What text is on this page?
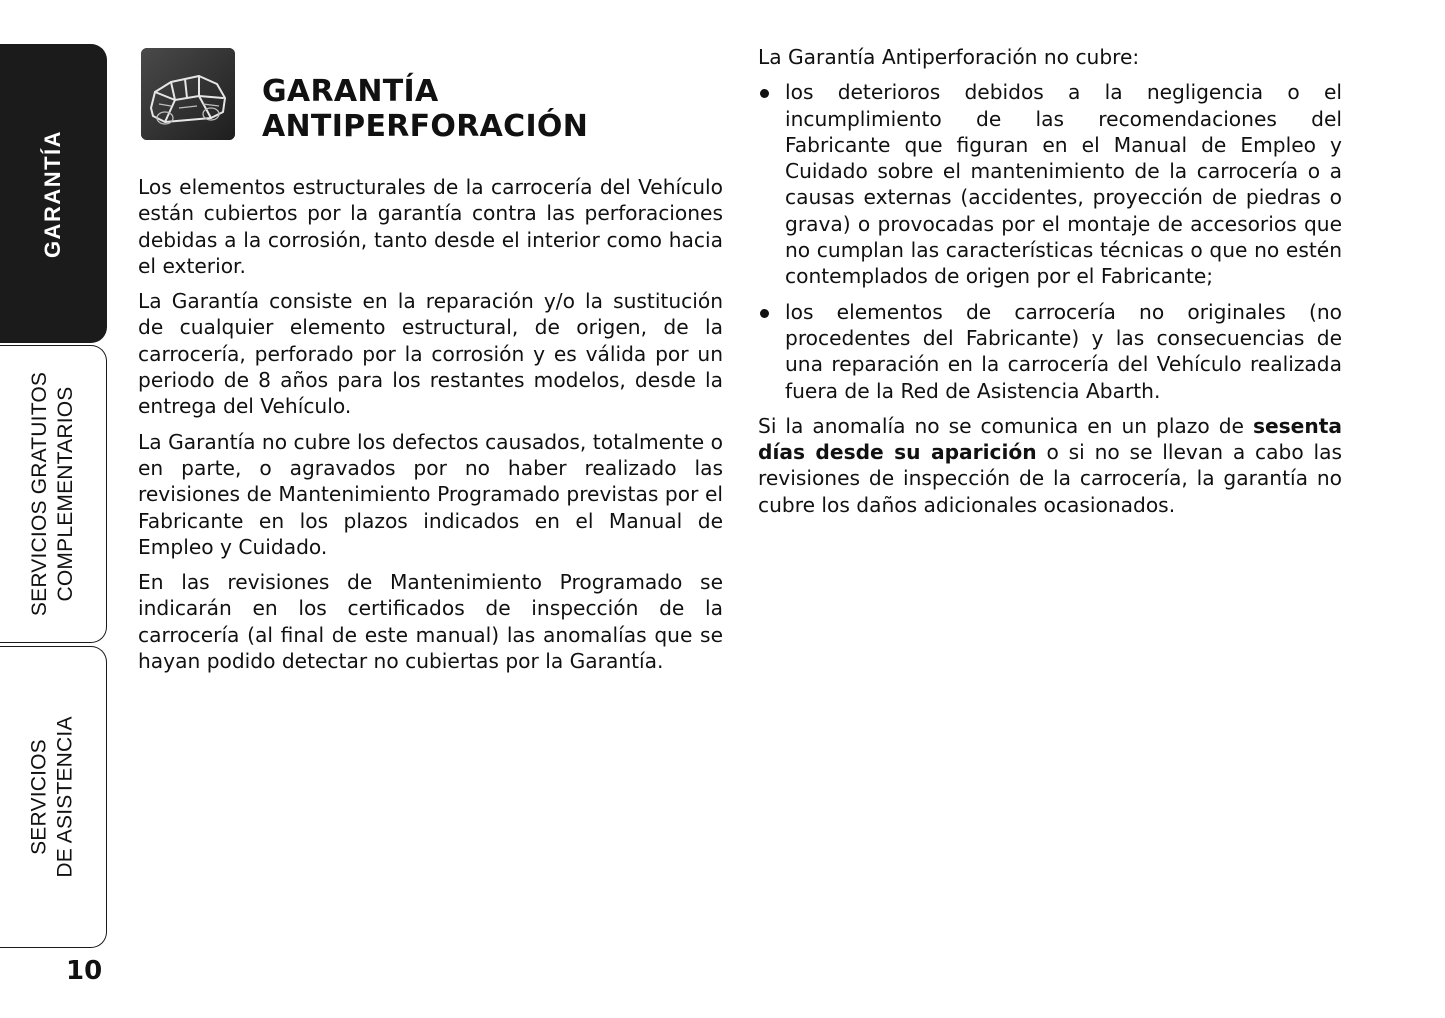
GARANTÍA
SERVICIOS GRATUITOS COMPLEMENTARIOS
SERVICIOS DE ASISTENCIA
10
GARANTÍA
ANTIPERFORACIÓN

Los elementos estructurales de la carrocería del Vehículo están cubiertos por la garantía contra las perforaciones debidas a la corrosión, tanto desde el interior como hacia el exterior.

La Garantía consiste en la reparación y/o la sustitución de cualquier elemento estructural, de origen, de la carrocería, perforado por la corrosión y es válida por un periodo de 8 años para los restantes modelos, desde la entrega del Vehículo.

La Garantía no cubre los defectos causados, totalmente o en parte, o agravados por no haber realizado las revisiones de Mantenimiento Programado previstas por el Fabricante en los plazos indicados en el Manual de Empleo y Cuidado.

En las revisiones de Mantenimiento Programado se indicarán en los certificados de inspección de la carrocería (al final de este manual) las anomalías que se hayan podido detectar no cubiertas por la Garantía.

La Garantía Antiperforación no cubre:

los deterioros debidos a la negligencia o el incumplimiento de las recomendaciones del Fabricante que figuran en el Manual de Empleo y Cuidado sobre el mantenimiento de la carrocería o a causas externas (accidentes, proyección de piedras o grava) o provocadas por el montaje de accesorios que no cumplan las características técnicas o que no estén contemplados de origen por el Fabricante;
los elementos de carrocería no originales (no procedentes del Fabricante) y las consecuencias de una reparación en la carrocería del Vehículo realizada fuera de la Red de Asistencia Abarth.

Si la anomalía no se comunica en un plazo de sesenta días desde su aparición o si no se llevan a cabo las revisiones de inspección de la carrocería, la garantía no cubre los daños adicionales ocasionados.
